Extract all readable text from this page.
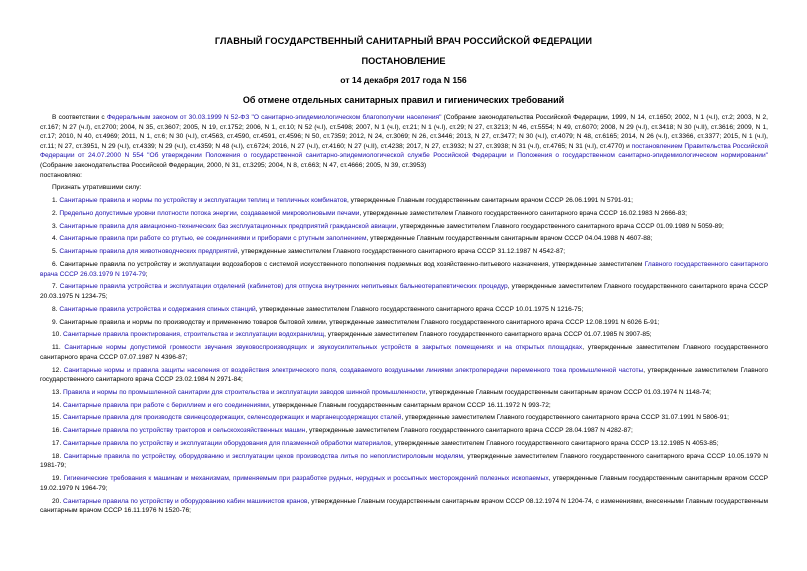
ГЛАВНЫЙ ГОСУДАРСТВЕННЫЙ САНИТАРНЫЙ ВРАЧ РОССИЙСКОЙ ФЕДЕРАЦИИ
ПОСТАНОВЛЕНИЕ
от 14 декабря 2017 года N 156
Об отмене отдельных санитарных правил и гигиенических требований

В соответствии с Федеральным законом от 30.03.1999 N 52-ФЗ "О санитарно-эпидемиологическом благополучии населения" (Собрание законодательства Российской Федерации, 1999, N 14, ст.1650; 2002, N 1 (ч.I), ст.2; 2003, N 2, ст.167; N 27 (ч.I), ст.2700; 2004, N 35, ст.3607; 2005, N 19, ст.1752; 2006, N 1, ст.10; N 52 (ч.I), ст.5498; 2007, N 1 (ч.I), ст.21; N 1 (ч.I), ст.29; N 27, ст.3213; N 46, ст.5554; N 49, ст.6070; 2008, N 29 (ч.I), ст.3418; N 30 (ч.II), ст.3616; 2009, N 1, ст.17; 2010, N 40, ст.4969; 2011, N 1, ст.6; N 30 (ч.I), ст.4563, ст.4590, ст.4591, ст.4596; N 50, ст.7359; 2012, N 24, ст.3069; N 26, ст.3446; 2013, N 27, ст.3477; N 30 (ч.I), ст.4079; N 48, ст.6165; 2014, N 26 (ч.I), ст.3366, ст.3377; 2015, N 1 (ч.I), ст.11; N 27, ст.3951, N 29 (ч.I), ст.4339; N 29 (ч.I), ст.4359; N 48 (ч.I), ст.6724; 2016, N 27 (ч.I), ст.4160; N 27 (ч.II), ст.4238; 2017, N 27, ст.3932; N 27, ст.3938; N 31 (ч.I), ст.4765; N 31 (ч.I), ст.4770) и постановлением Правительства Российской Федерации от 24.07.2000 N 554 "Об утверждении Положения о государственной санитарно-эпидемиологической службе Российской Федерации и Положения о государственном санитарно-эпидемиологическом нормировании" (Собрание законодательства Российской Федерации, 2000, N 31, ст.3295; 2004, N 8, ст.663; N 47, ст.4666; 2005, N 39, ст.3953)

постановляю:

Признать утратившими силу:

1. Санитарные правила и нормы по устройству и эксплуатации теплиц и тепличных комбинатов, утвержденные Главным государственным санитарным врачом СССР 26.06.1991 N 5791-91;

2. Предельно допустимые уровни плотности потока энергии, создаваемой микроволновыми печами, утвержденные заместителем Главного государственного санитарного врача СССР 16.02.1983 N 2666-83;

3. Санитарные правила для авиационно-технических баз эксплуатационных предприятий гражданской авиации, утвержденные заместителем Главного государственного санитарного врача СССР 01.09.1989 N 5059-89;

4. Санитарные правила при работе со ртутью, ее соединениями и приборами с ртутным заполнением, утвержденные Главным государственным санитарным врачом СССР 04.04.1988 N 4607-88;

5. Санитарные правила для животноводческих предприятий, утвержденные заместителем Главного государственного санитарного врача СССР 31.12.1987 N 4542-87;

6. Санитарные правила по устройству и эксплуатации водозаборов с системой искусственного пополнения подземных вод хозяйственно-питьевого назначения, утвержденные заместителем Главного государственного санитарного врача СССР 26.03.1979 N 1974-79;

7. Санитарные правила устройства и эксплуатации отделений (кабинетов) для отпуска внутренних непитьевых бальнеотерапевтических процедур, утвержденные заместителем Главного государственного санитарного врача СССР 20.03.1975 N 1234-75;

8. Санитарные правила устройства и содержания спиных станций, утвержденные заместителем Главного государственного санитарного врача СССР 10.01.1975 N 1216-75;

9. Санитарные правила и нормы по производству и применению товаров бытовой химии, утвержденные заместителем Главного государственного санитарного врача СССР 12.08.1991 N 6026 Б-91;

10. Санитарные правила проектирования, строительства и эксплуатации водохранилищ, утвержденные заместителем Главного государственного санитарного врача СССР 01.07.1985 N 3907-85;

11. Санитарные нормы допустимой громкости звучания звуковоспроизводящих и звукоусилительных устройств в закрытых помещениях и на открытых площадках, утвержденные заместителем Главного государственного санитарного врача СССР 07.07.1987 N 4396-87;

12. Санитарные нормы и правила защиты населения от воздействия электрического поля, создаваемого воздушными линиями электропередачи переменного тока промышленной частоты, утвержденные заместителем Главного государственного санитарного врача СССР 23.02.1984 N 2971-84;

13. Правила и нормы по промышленной санитарии для строительства и эксплуатации заводов шинной промышленности, утвержденные Главным государственным санитарным врачом СССР 01.03.1974 N 1148-74;

14. Санитарные правила при работе с бериллием и его соединениями, утвержденные Главным государственным санитарным врачом СССР 16.11.1972 N 993-72;

15. Санитарные правила для производств свинецсодержащих, селенсодержащих и марганецсодержащих сталей, утвержденные заместителем Главного государственного санитарного врача СССР 31.07.1991 N 5806-91;

16. Санитарные правила по устройству тракторов и сельскохозяйственных машин, утвержденные заместителем Главного государственного санитарного врача СССР 28.04.1987 N 4282-87;

17. Санитарные правила по устройству и эксплуатации оборудования для плазменной обработки материалов, утвержденные заместителем Главного государственного санитарного врача СССР 13.12.1985 N 4053-85;

18. Санитарные правила по устройству, оборудованию и эксплуатации цехов производства литья по непоплистироловым моделям, утвержденные заместителем Главного государственного санитарного врача СССР 10.05.1979 N 1981-79;

19. Гигиенические требования к машинам и механизмам, применяемым при разработке рудных, нерудных и россыпных месторождений полезных ископаемых, утвержденные Главным государственным санитарным врачом СССР 19.02.1979 N 1964-79;

20. Санитарные правила по устройству и оборудованию кабин машинистов кранов, утвержденные Главным государственным санитарным врачом СССР 08.12.1974 N 1204-74, с изменениями, внесенными Главным государственным санитарным врачом СССР 16.11.1976 N 1520-76;
